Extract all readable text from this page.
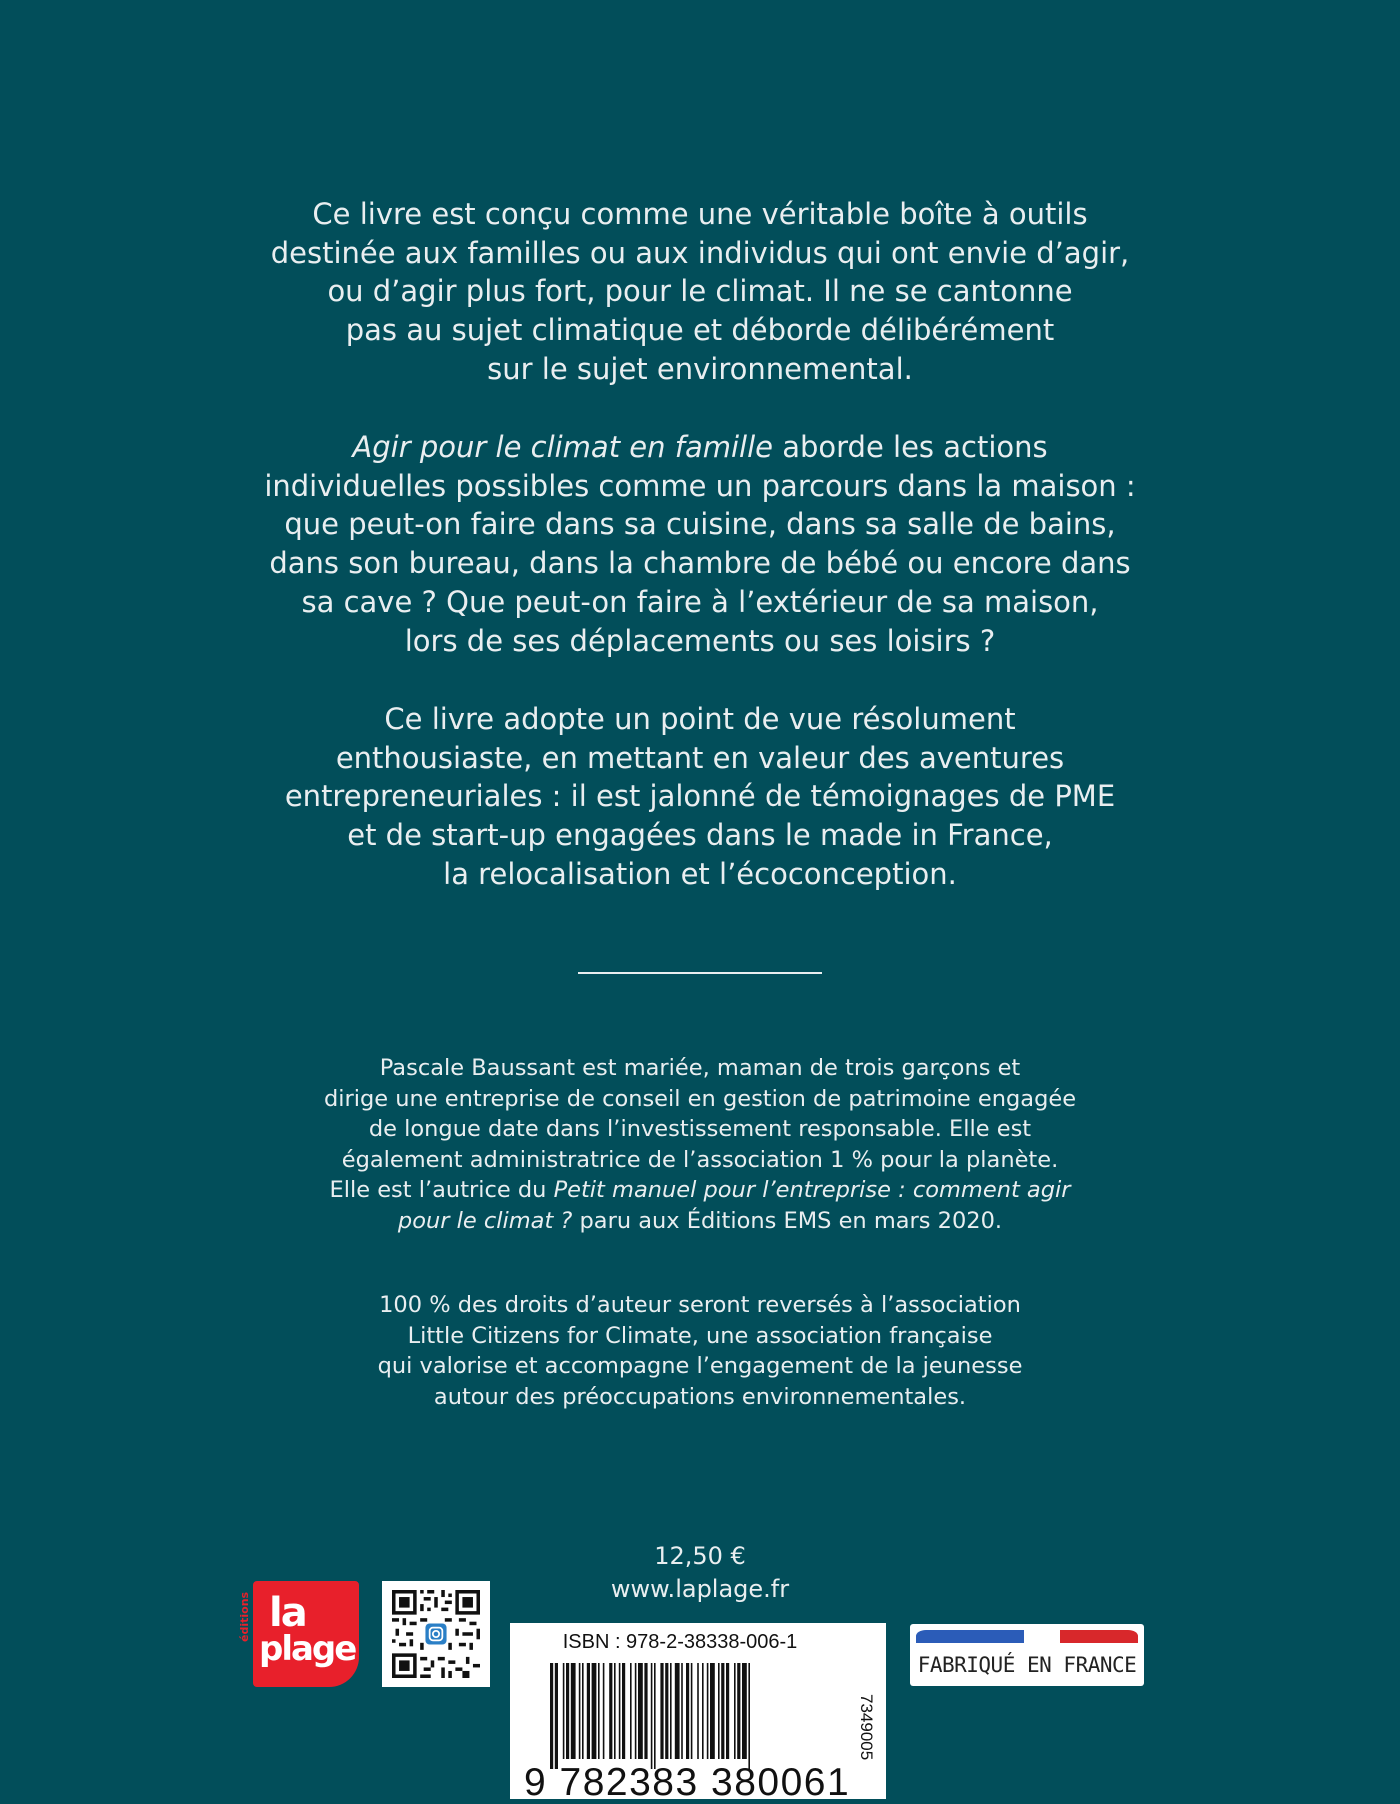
Ce livre est conçu comme une véritable boîte à outils
destinée aux familles ou aux individus qui ont envie d’agir,
ou d’agir plus fort, pour le climat. Il ne se cantonne
pas au sujet climatique et déborde délibérément
sur le sujet environnemental.
Agir pour le climat en famille aborde les actions
individuelles possibles comme un parcours dans la maison :
que peut-on faire dans sa cuisine, dans sa salle de bains,
dans son bureau, dans la chambre de bébé ou encore dans
sa cave ? Que peut-on faire à l’extérieur de sa maison,
lors de ses déplacements ou ses loisirs ?
Ce livre adopte un point de vue résolument
enthousiaste, en mettant en valeur des aventures
entrepreneuriales : il est jalonné de témoignages de PME
et de start-up engagées dans le made in France,
la relocalisation et l’écoconception.
Pascale Baussant est mariée, maman de trois garçons et
dirige une entreprise de conseil en gestion de patrimoine engagée
de longue date dans l’investissement responsable. Elle est
également administratrice de l’association 1 % pour la planète.
Elle est l’autrice du Petit manuel pour l’entreprise : comment agir
pour le climat ? paru aux Éditions EMS en mars 2020.
100 % des droits d’auteur seront reversés à l’association
Little Citizens for Climate, une association française
qui valorise et accompagne l’engagement de la jeunesse
autour des préoccupations environnementales.
12,50 €
www.laplage.fr
éditions la
plage	ISBN : 978-2-38338-006-1
9 782383 380061
7349005
FABRIQUÉ EN FRANCE
